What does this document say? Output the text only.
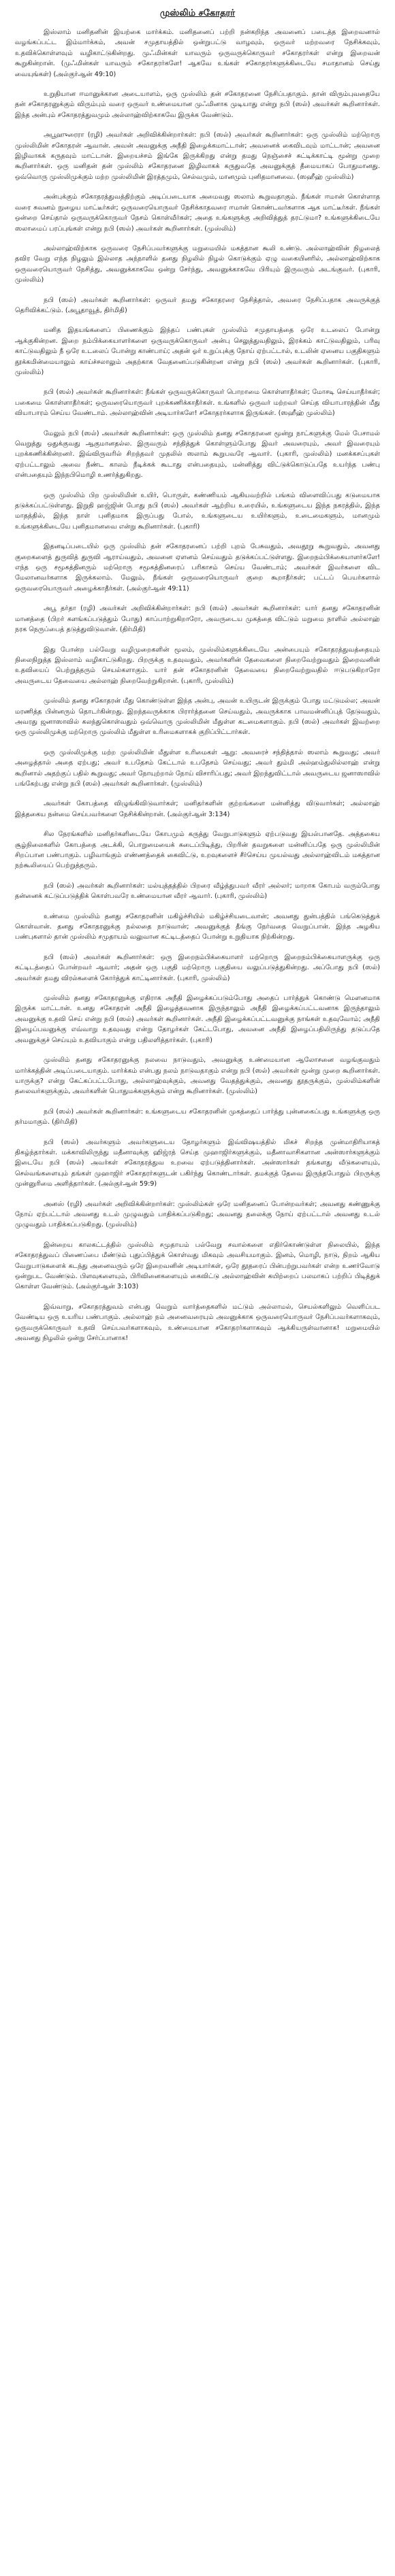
முஸ்லிம் சகோதரர்

இஸ்லாம் மனிதனின் இயற்கை மார்க்கம். மனிதனைப் பற்றி நன்கறிந்த அவனைப் படைத்த இறைவனால் வழங்கப்பட்ட இம்மார்க்கம், அவன் சமுதாயத்தில் ஒன்றுபட்டு வாழவும், ஒருவர் மற்றவரை நேசிக்கவும், உதவிக்கொள்ளவும் வழிகாட்டுகின்றது. முஃமின்கள் யாவரும் ஒருவருக்கொருவர் சகோதரர்கள் என்று இறைவன் கூறுகின்றான். (முஃமின்கள் யாவரும் சகோதரர்களே! ஆகவே உங்கள் சகோதரர்களுக்கிடையே சமாதானம் செய்து வையுங்கள்) (அல்குர்ஆன் 49:10)

உறுதியான ஈமானுக்கான அடையாளம், ஒரு முஸ்லிம் தன் சகோதரனை நேசிப்பதாகும். தான் விரும்புவதையே தன் சகோதரனுக்கும் விரும்பும் வரை ஒருவர் உண்மையான முஃமினாக முடியாது என்று நபி (ஸல்) அவர்கள் கூறினார்கள். இந்த அன்பும் சகோதரத்துவமும் அல்லாஹ்விற்காகவே இருக்க வேண்டும்.

அபூஹுரைரா (ரழி) அவர்கள் அறிவிக்கின்றார்கள்: நபி (ஸல்) அவர்கள் கூறினார்கள்: ஒரு முஸ்லிம் மற்றொரு முஸ்லிமின் சகோதரன் ஆவான். அவன் அவனுக்கு அநீதி இழைக்கமாட்டான்; அவனைக் கைவிடவும் மாட்டான்; அவனை இழிவாகக் கருதவும் மாட்டான். இறையச்சம் இங்கே இருக்கிறது என்று தமது நெஞ்சைச் சுட்டிக்காட்டி மூன்று முறை கூறினார்கள். ஒரு மனிதன் தன் முஸ்லிம் சகோதரனை இழிவாகக் கருதுவதே அவனுக்குத் தீமையாகப் போதுமானது. ஒவ்வொரு முஸ்லிமுக்கும் மற்ற முஸ்லிமின் இரத்தமும், செல்வமும், மானமும் புனிதமானவை. (ஸஹீஹ் முஸ்லிம்)

அன்புக்கும் சகோதரத்துவத்திற்கும் அடிப்படையாக அமைவது ஸலாம் கூறுவதாகும். நீங்கள் ஈமான் கொள்ளாத வரை சுவனம் நுழைய மாட்டீர்கள்; ஒருவரையொருவர் நேசிக்காதவரை ஈமான் கொண்டவர்களாக ஆக மாட்டீர்கள். நீங்கள் ஒன்றை செய்தால் ஒருவருக்கொருவர் நேசம் கொள்வீர்கள்; அதை உங்களுக்கு அறிவித்துத் தரட்டுமா? உங்களுக்கிடையே ஸலாமைப் பரப்புங்கள் என்று நபி (ஸல்) அவர்கள் கூறினார்கள். (முஸ்லிம்)

அல்லாஹ்விற்காக ஒருவரை நேசிப்பவர்களுக்கு மறுமையில் மகத்தான கூலி உண்டு. அல்லாஹ்வின் நிழலைத் தவிர வேறு எந்த நிழலும் இல்லாத அந்நாளில் தனது நிழலில் நிழல் கொடுக்கும் ஏழு வகையினரில், அல்லாஹ்விற்காக ஒருவரையொருவர் நேசித்து, அவனுக்காகவே ஒன்று சேர்ந்து, அவனுக்காகவே பிரியும் இருவரும் அடங்குவர். (புகாரி, முஸ்லிம்)

நபி (ஸல்) அவர்கள் கூறினார்கள்: ஒருவர் தமது சகோதரரை நேசித்தால், அவரை நேசிப்பதாக அவருக்குத் தெரிவிக்கட்டும். (அபூதாவூத், திர்மிதி)

மனித இதயங்களைப் பிணைக்கும் இந்தப் பண்புகள் முஸ்லிம் சமுதாயத்தை ஒரே உடலைப் போன்று ஆக்குகின்றன. இறை நம்பிக்கையாளர்களை ஒருவருக்கொருவர் அன்பு செலுத்துவதிலும், இரக்கம் காட்டுவதிலும், பரிவு காட்டுவதிலும் நீ ஒரே உடலைப் போன்று காண்பாய்; அதன் ஓர் உறுப்புக்கு நோய் ஏற்பட்டால், உடலின் ஏனைய பகுதிகளும் தூக்கமின்மையாலும் காய்ச்சலாலும் அதற்காக வேதனைப்படுகின்றன என்று நபி (ஸல்) அவர்கள் கூறினார்கள். (புகாரி, முஸ்லிம்)

நபி (ஸல்) அவர்கள் கூறினார்கள்: நீங்கள் ஒருவருக்கொருவர் பொறாமை கொள்ளாதீர்கள்; மோசடி செய்யாதீர்கள்; பகைமை கொள்ளாதீர்கள்; ஒருவரையொருவர் புறக்கணிக்காதீர்கள். உங்களில் ஒருவர் மற்றவர் செய்த வியாபாரத்தின் மீது வியாபாரம் செய்ய வேண்டாம். அல்லாஹ்வின் அடியார்களே! சகோதரர்களாக இருங்கள். (ஸஹீஹ் முஸ்லிம்)

மேலும் நபி (ஸல்) அவர்கள் கூறினார்கள்: ஒரு முஸ்லிம் தனது சகோதரனை மூன்று நாட்களுக்கு மேல் பேசாமல் வெறுத்து ஒதுக்குவது ஆகுமானதல்ல. இருவரும் சந்தித்துக் கொள்ளும்போது இவர் அவரையும், அவர் இவரையும் புறக்கணிக்கின்றனர். இவ்விருவரில் சிறந்தவர் முதலில் ஸலாம் கூறுபவரே ஆவார். (புகாரி, முஸ்லிம்) மனக்கசப்புகள் ஏற்பட்டாலும் அவை நீண்ட காலம் நீடிக்கக் கூடாது என்பதையும், மன்னித்து விட்டுக்கொடுப்பதே உயர்ந்த பண்பு என்பதையும் இந்நபிமொழி உணர்த்துகிறது.

ஒரு முஸ்லிம் பிற முஸ்லிமின் உயிர், பொருள், கண்ணியம் ஆகியவற்றில் பங்கம் விளைவிப்பது கடுமையாக தடுக்கப்பட்டுள்ளது. இறுதி ஹஜ்ஜின் போது நபி (ஸல்) அவர்கள் ஆற்றிய உரையில், உங்களுடைய இந்த நகரத்தில், இந்த மாதத்தில், இந்த நாள் புனிதமாக இருப்பது போல், உங்களுடைய உயிர்களும், உடைமைகளும், மானமும் உங்களுக்கிடையே புனிதமானவை என்று கூறினார்கள். (புகாரி)

இதனடிப்படையில் ஒரு முஸ்லிம் தன் சகோதரனைப் பற்றி புறம் பேசுவதும், அவதூறு கூறுவதும், அவனது குறைகளைத் துருவித் துருவி ஆராய்வதும், அவனை ஏளனம் செய்வதும் தடுக்கப்பட்டுள்ளது. இறைநம்பிக்கையாளர்களே! எந்த ஒரு சமூகத்தினரும் மற்றொரு சமூகத்தினரைப் பரிகாசம் செய்ய வேண்டாம்; அவர்கள் இவர்களை விட மேலானவர்களாக இருக்கலாம். மேலும், நீங்கள் ஒருவரையொருவர் குறை கூறாதீர்கள்; பட்டப் பெயர்களால் ஒருவரையொருவர் அழைக்காதீர்கள். (அல்குர்ஆன் 49:11)

அபூ தர்தா (ரழி) அவர்கள் அறிவிக்கின்றார்கள்: நபி (ஸல்) அவர்கள் கூறினார்கள்: யார் தனது சகோதரனின் மானத்தை (பிறர் களங்கப்படுத்தும் போது) காப்பாற்றுகிறாரோ, அவருடைய முகத்தை விட்டும் மறுமை நாளில் அல்லாஹ் நரக நெருப்பைத் தடுத்துவிடுவான். (திர்மிதி)

இது போன்ற பல்வேறு வழிமுறைகளின் மூலம், முஸ்லிம்களுக்கிடையே அன்பையும் சகோதரத்துவத்தையும் நிலைநிறுத்த இஸ்லாம் வழிகாட்டுகிறது. பிறருக்கு உதவுவதும், அவர்களின் தேவைகளை நிறைவேற்றுவதும் இறைவனின் உதவியைப் பெற்றுத்தரும் செயல்களாகும். யார் தன் சகோதரனின் தேவையை நிறைவேற்றுவதில் ஈடுபடுகிறாரோ அவருடைய தேவையை அல்லாஹ் நிறைவேற்றுகிறான். (புகாரி, முஸ்லிம்)

முஸ்லிம் தனது சகோதரன் மீது கொண்டுள்ள இந்த அன்பு, அவன் உயிருடன் இருக்கும் போது மட்டுமல்ல; அவன் மரணித்த பின்னரும் தொடர்கின்றது. இறந்தவருக்காக பிரார்த்தனை செய்வதும், அவருக்காக பாவமன்னிப்புத் தேடுவதும், அவரது ஜனாஸாவில் கலந்துகொள்வதும் ஒவ்வொரு முஸ்லிமின் மீதுள்ள கடமைகளாகும். நபி (ஸல்) அவர்கள் இவற்றை ஒரு முஸ்லிமுக்கு மற்றொரு முஸ்லிம் மீதுள்ள உரிமைகளாகக் குறிப்பிட்டார்கள்.

ஒரு முஸ்லிமுக்கு மற்ற முஸ்லிமின் மீதுள்ள உரிமைகள் ஆறு: அவரைச் சந்தித்தால் ஸலாம் கூறுவது; அவர் அழைத்தால் அதை ஏற்பது; அவர் உபதேசம் கேட்டால் உபதேசம் செய்வது; அவர் தும்மி அல்ஹம்துலில்லாஹ் என்று கூறினால் அதற்குப் பதில் கூறுவது; அவர் நோயுற்றால் நோய் விசாரிப்பது; அவர் இறந்துவிட்டால் அவருடைய ஜனாஸாவில் பங்கேற்பது என்று நபி (ஸல்) அவர்கள் கூறினார்கள். (முஸ்லிம்)

அவர்கள் கோபத்தை விழுங்கிவிடுவார்கள்; மனிதர்களின் குற்றங்களை மன்னித்து விடுவார்கள்; அல்லாஹ் இத்தகைய நன்மை செய்பவர்களை நேசிக்கின்றான். (அல்குர்ஆன் 3:134)

சில நேரங்களில் மனிதர்களிடையே கோபமும் கருத்து வேறுபாடுகளும் ஏற்படுவது இயல்பானதே. அத்தகைய சூழ்நிலைகளில் கோபத்தை அடக்கி, பொறுமையைக் கடைப்பிடித்து, பிறரின் தவறுகளை மன்னிப்பதே ஒரு முஸ்லிமின் சிறப்பான பண்பாகும். பழிவாங்கும் எண்ணத்தைக் கைவிட்டு, உறவுகளைச் சீர்செய்ய முயல்வது அல்லாஹ்விடம் மகத்தான நற்கூலியைப் பெற்றுத்தரும்.

நபி (ஸல்) அவர்கள் கூறினார்கள்: மல்யுத்தத்தில் பிறரை வீழ்த்துபவர் வீரர் அல்லர்; மாறாக கோபம் வரும்போது தன்னைக் கட்டுப்படுத்திக் கொள்பவரே உண்மையான வீரர் ஆவார். (புகாரி, முஸ்லிம்)

உண்மை முஸ்லிம் தனது சகோதரனின் மகிழ்ச்சியில் மகிழ்ச்சியடைவான்; அவனது துன்பத்தில் பங்கெடுத்துக் கொள்வான். தனது சகோதரனுக்கு நல்லதை நாடுவான்; அவனுக்குத் தீங்கு நேர்வதை வெறுப்பான். இந்த அழகிய பண்புகளால் தான் முஸ்லிம் சமுதாயம் வலுவான கட்டிடத்தைப் போன்று உறுதியாக நிற்கின்றது.

நபி (ஸல்) அவர்கள் கூறினார்கள்: ஒரு இறைநம்பிக்கையாளர் மற்றொரு இறைநம்பிக்கையாளருக்கு ஒரு கட்டிடத்தைப் போன்றவர் ஆவார்; அதன் ஒரு பகுதி மற்றொரு பகுதியை வலுப்படுத்துகின்றது. அப்போது நபி (ஸல்) அவர்கள் தமது விரல்களைக் கோர்த்துக் காட்டினார்கள். (புகாரி, முஸ்லிம்)

முஸ்லிம் தனது சகோதரனுக்கு எதிராக அநீதி இழைக்கப்படும்போது அதைப் பார்த்துக் கொண்டு மௌனமாக இருக்க மாட்டான். உனது சகோதரன் அநீதி இழைத்தவனாக இருந்தாலும் அநீதி இழைக்கப்பட்டவனாக இருந்தாலும் அவனுக்கு உதவி செய் என்று நபி (ஸல்) அவர்கள் கூறினார்கள். அநீதி இழைக்கப்பட்டவனுக்கு நாங்கள் உதவுவோம்; அநீதி இழைப்பவனுக்கு எவ்வாறு உதவுவது என்று தோழர்கள் கேட்டபோது, அவனை அநீதி இழைப்பதிலிருந்து தடுப்பதே அவனுக்குச் செய்யும் உதவியாகும் என்று பதிலளித்தார்கள். (புகாரி)

முஸ்லிம் தனது சகோதரனுக்கு நலவை நாடுவதும், அவனுக்கு உண்மையான ஆலோசனை வழங்குவதும் மார்க்கத்தின் அடிப்படையாகும். மார்க்கம் என்பது நலம் நாடுவதாகும் என்று நபி (ஸல்) அவர்கள் மூன்று முறை கூறினார்கள். யாருக்கு? என்று கேட்கப்பட்டபோது, அல்லாஹ்வுக்கும், அவனது வேதத்துக்கும், அவனது தூதருக்கும், முஸ்லிம்களின் தலைவர்களுக்கும், அவர்களின் பொதுமக்களுக்கும் என்று கூறினார்கள். (முஸ்லிம்)

நபி (ஸல்) அவர்கள் கூறினார்கள்: உங்களுடைய சகோதரனின் முகத்தைப் பார்த்து புன்னகைப்பது உங்களுக்கு ஒரு தர்மமாகும். (திர்மிதி)

நபி (ஸல்) அவர்களும் அவர்களுடைய தோழர்களும் இவ்விஷயத்தில் மிகச் சிறந்த முன்மாதிரியாகத் திகழ்ந்தார்கள். மக்காவிலிருந்து மதீனாவுக்கு ஹிஜ்ரத் செய்த முஹாஜிர்களுக்கும், மதீனாவாசிகளான அன்ஸார்களுக்கும் இடையே நபி (ஸல்) அவர்கள் சகோதரத்துவ உறவை ஏற்படுத்தினார்கள். அன்ஸார்கள் தங்களது வீடுகளையும், செல்வங்களையும் தங்கள் முஹாஜிர் சகோதரர்களுடன் பகிர்ந்து கொண்டார்கள். தமக்குத் தேவை இருந்தபோதும் பிறருக்கு முன்னுரிமை அளித்தார்கள். (அல்குர்ஆன் 59:9)

அனஸ் (ரழி) அவர்கள் அறிவிக்கின்றார்கள்: முஸ்லிம்கள் ஒரே மனிதனைப் போன்றவர்கள்; அவனது கண்ணுக்கு நோய் ஏற்பட்டால் அவனது உடல் முழுவதும் பாதிக்கப்படுகிறது; அவனது தலைக்கு நோய் ஏற்பட்டால் அவனது உடல் முழுவதும் பாதிக்கப்படுகிறது. (முஸ்லிம்)

இன்றைய காலகட்டத்தில் முஸ்லிம் சமுதாயம் பல்வேறு சவால்களை எதிர்கொண்டுள்ள நிலையில், இந்த சகோதரத்துவப் பிணைப்பை மீண்டும் புதுப்பித்துக் கொள்வது மிகவும் அவசியமாகும். இனம், மொழி, நாடு, நிறம் ஆகிய வேறுபாடுகளைக் கடந்து அனைவரும் ஒரே இறைவனின் அடியார்கள், ஒரே தூதரைப் பின்பற்றுபவர்கள் என்ற உணர்வோடு ஒன்றுபட வேண்டும். பிளவுகளையும், பிரிவினைகளையும் கைவிட்டு அல்லாஹ்வின் கயிற்றைப் பலமாகப் பற்றிப் பிடித்துக் கொள்ள வேண்டும். (அல்குர்ஆன் 3:103)

இவ்வாறு, சகோதரத்துவம் என்பது வெறும் வார்த்தைகளில் மட்டும் அல்லாமல், செயல்களிலும் வெளிப்பட வேண்டிய ஒரு உயரிய பண்பாகும். அல்லாஹ் நம் அனைவரையும் அவனுக்காக ஒருவரையொருவர் நேசிப்பவர்களாகவும், ஒருவருக்கொருவர் உதவி செய்பவர்களாகவும், உண்மையான சகோதரர்களாகவும் ஆக்கியருள்வானாக! மறுமையில் அவனது நிழலில் ஒன்று சேர்ப்பானாக!
